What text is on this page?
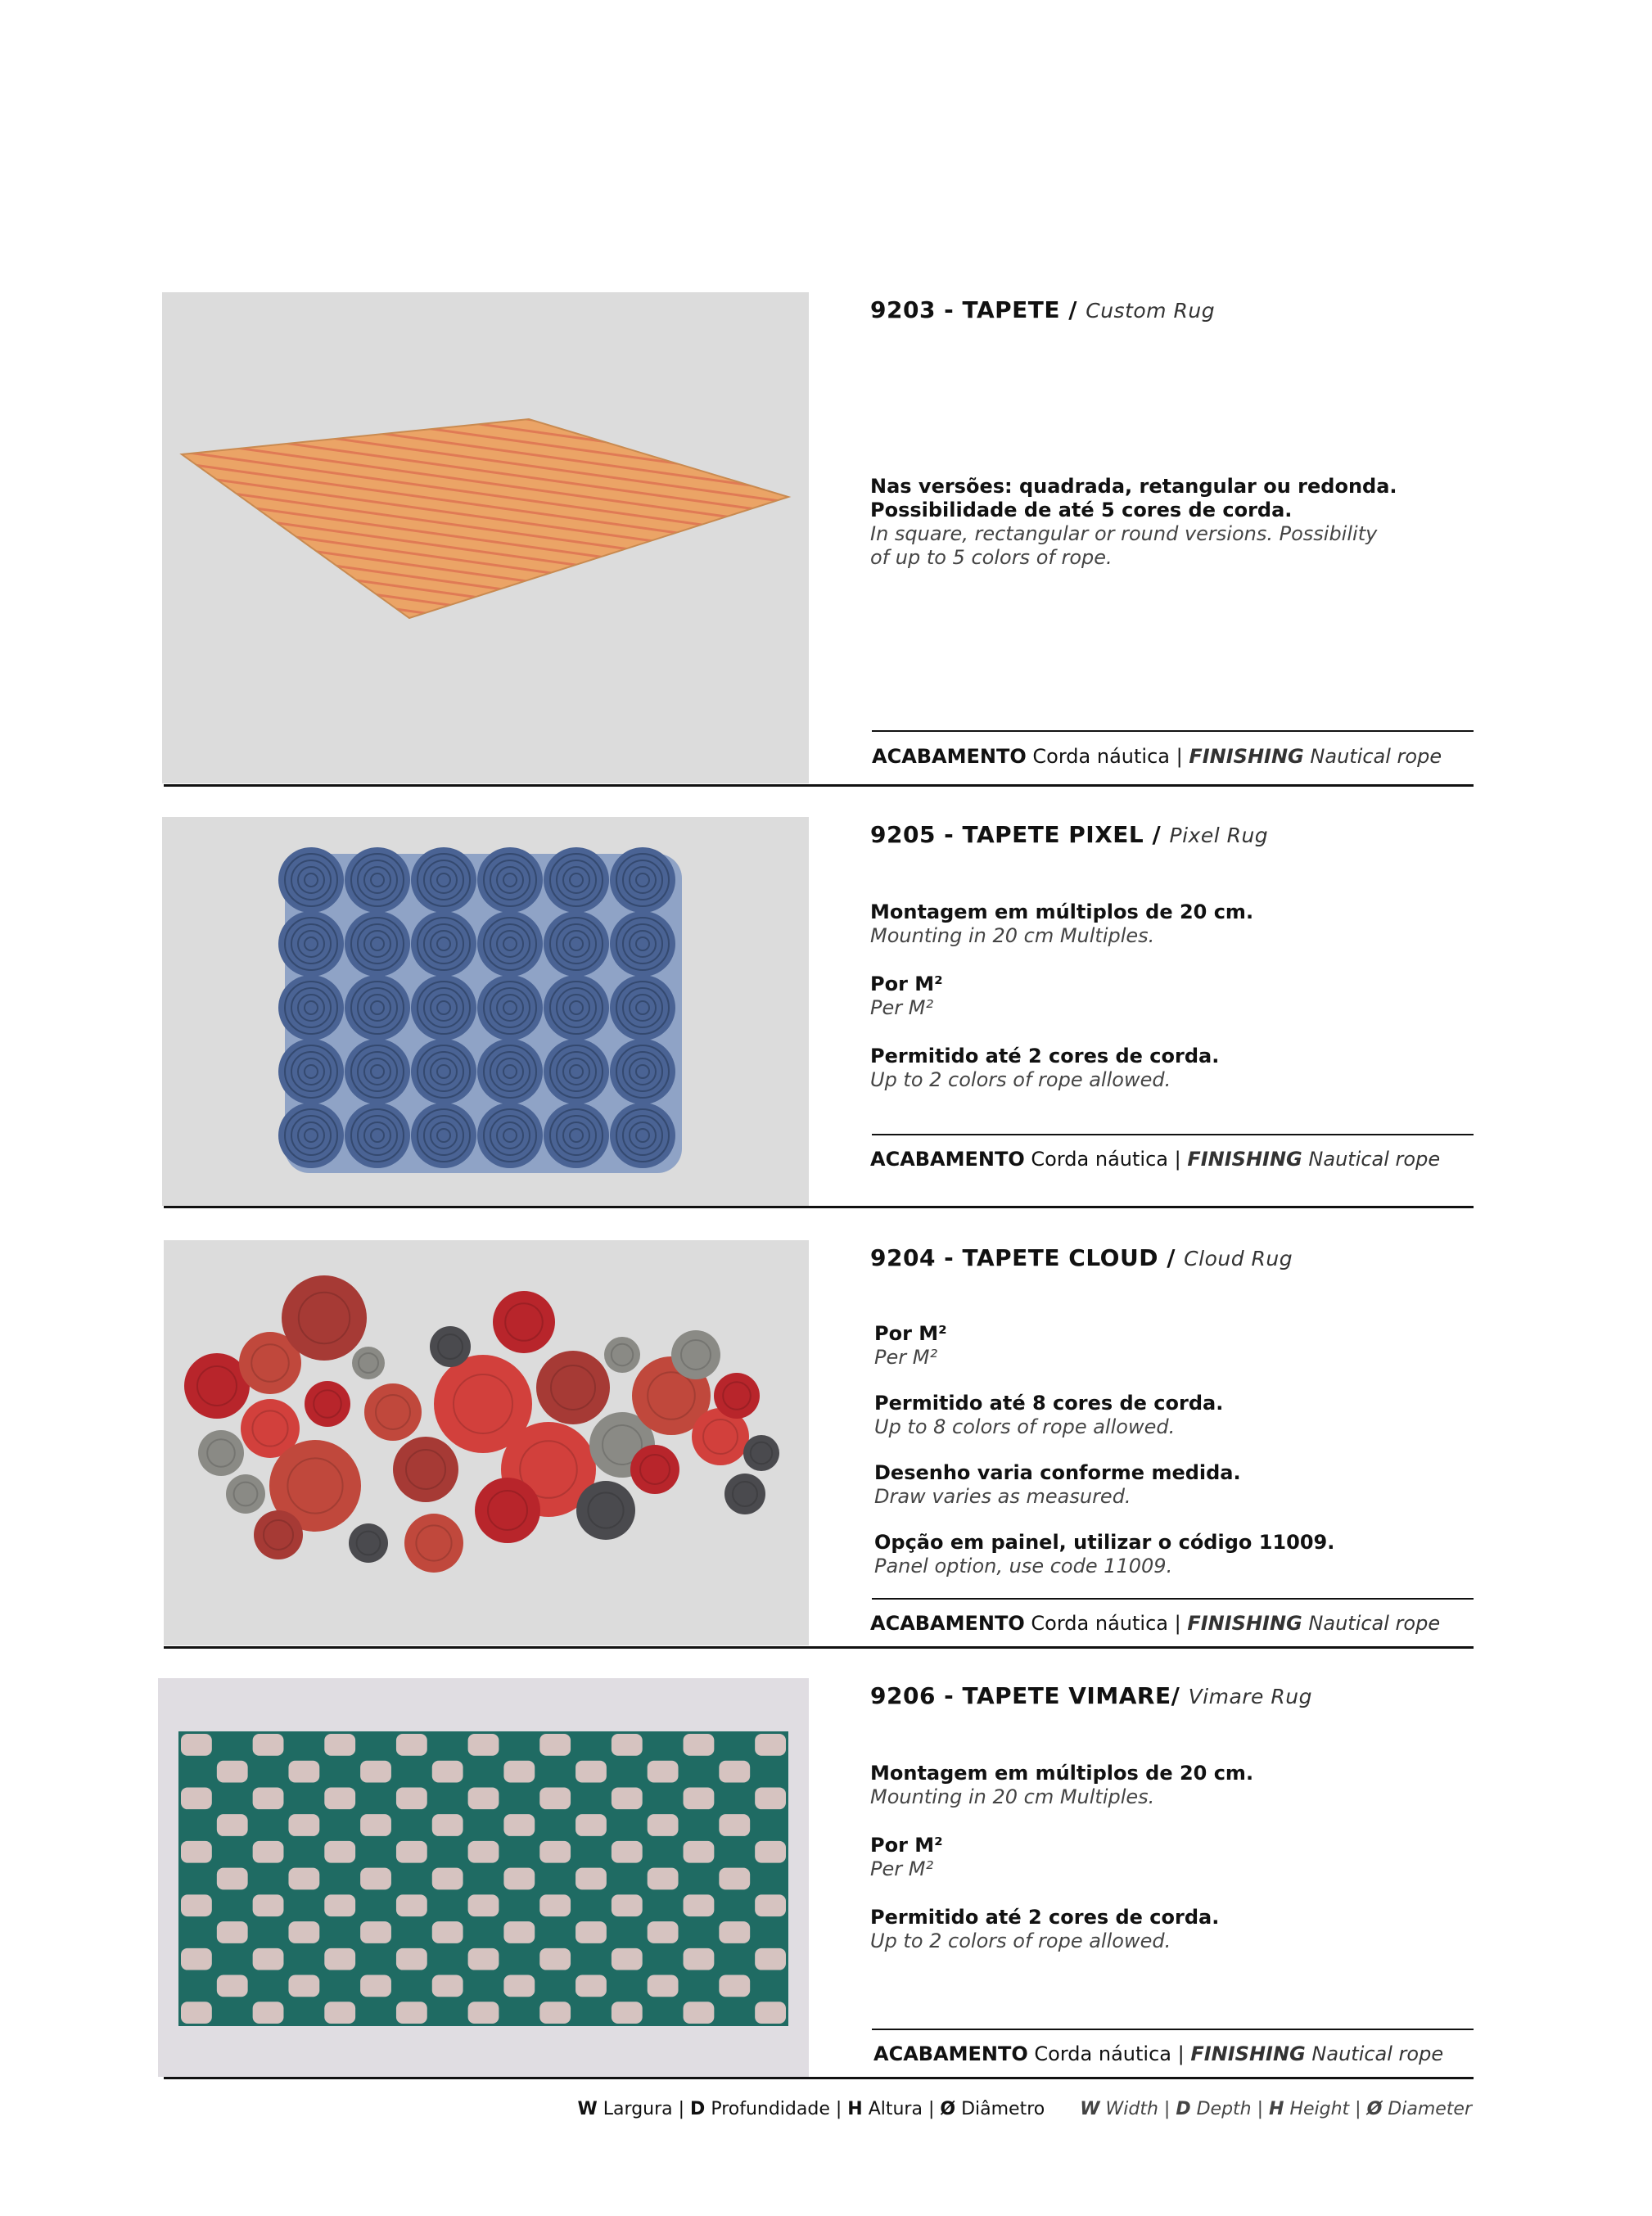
9203 - TAPETE / Custom Rug
Nas versões: quadrada, retangular ou redonda.
Possibilidade de até 5 cores de corda.
In square, rectangular or round versions. Possibility
of up to 5 colors of rope.
ACABAMENTO Corda náutica | FINISHING Nautical rope
9205 - TAPETE PIXEL / Pixel Rug
Montagem em múltiplos de 20 cm.
Mounting in 20 cm Multiples.
Por M²
Per M²
Permitido até 2 cores de corda.
Up to 2 colors of rope allowed.
ACABAMENTO Corda náutica | FINISHING Nautical rope
9204 - TAPETE CLOUD / Cloud Rug
Por M²
Per M²
Permitido até 8 cores de corda.
Up to 8 colors of rope allowed.
Desenho varia conforme medida.
Draw varies as measured.
Opção em painel, utilizar o código 11009.
Panel option, use code 11009.
ACABAMENTO Corda náutica | FINISHING Nautical rope
9206 - TAPETE VIMARE/ Vimare Rug
Montagem em múltiplos de 20 cm.
Mounting in 20 cm Multiples.
Por M²
Per M²
Permitido até 2 cores de corda.
Up to 2 colors of rope allowed.
ACABAMENTO Corda náutica | FINISHING Nautical rope
W Largura | D Profundidade | H Altura | Ø Diâmetro W Width | D Depth | H Height | Ø Diameter
